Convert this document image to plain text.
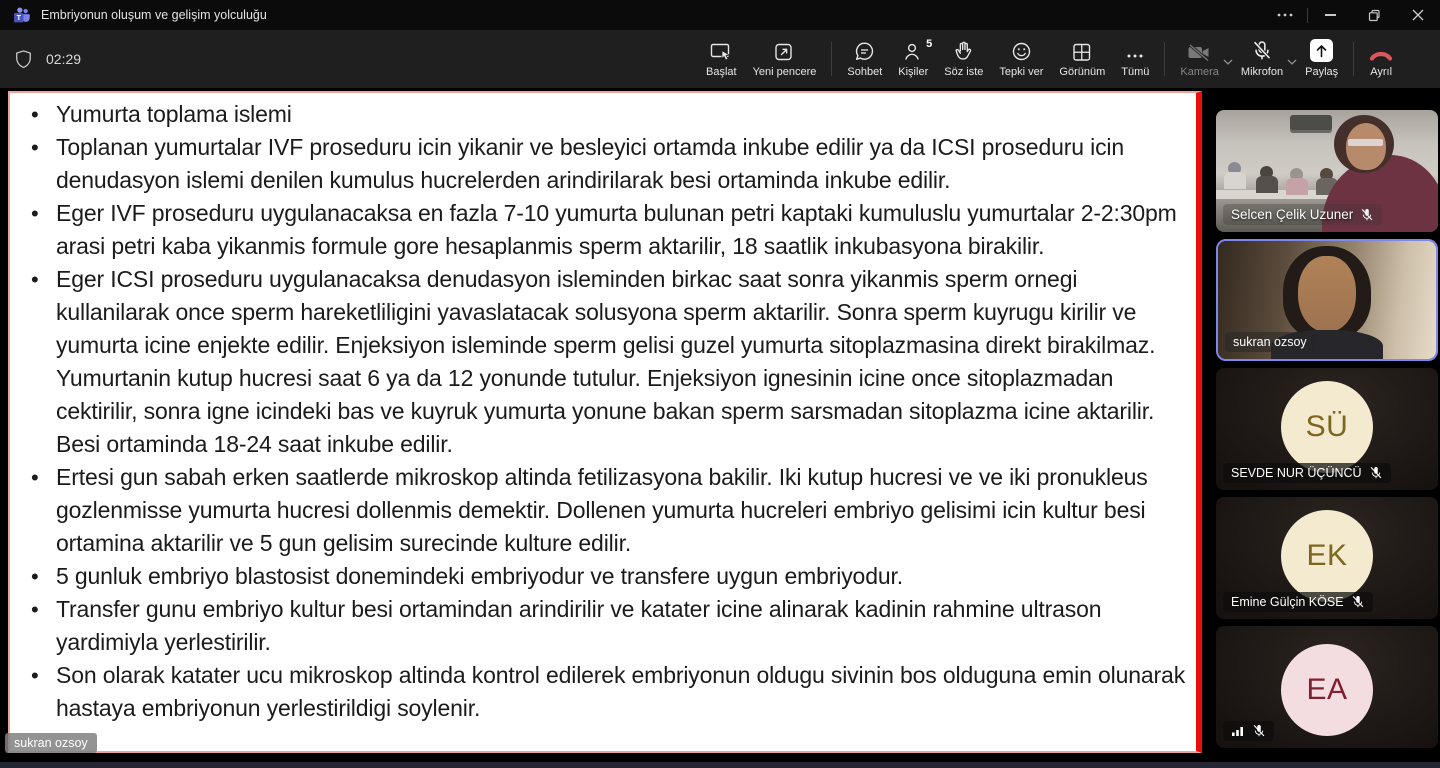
T Embriyonun oluşum ve gelişim yolculuğu
02:29
Başlat Yeni pencere	Sohbet
5
Kişiler Söz iste Tepki ver Görünüm Tümü	Kamera Mikrofon Paylaş	Ayrıl
• Yumurta toplama islemi
• Toplanan yumurtalar IVF proseduru icin yikanir ve besleyici ortamda inkube edilir ya da ICSI proseduru icin denudasyon islemi denilen kumulus hucrelerden arindirilarak besi ortaminda inkube edilir.
• Eger IVF proseduru uygulanacaksa en fazla 7-10 yumurta bulunan petri kaptaki kumuluslu yumurtalar 2-2:30pm arasi petri kaba yikanmis formule gore hesaplanmis sperm aktarilir, 18 saatlik inkubasyona birakilir.
• Eger ICSI proseduru uygulanacaksa denudasyon isleminden birkac saat sonra yikanmis sperm ornegi kullanilarak once sperm hareketliligini yavaslatacak solusyona sperm aktarilir. Sonra sperm kuyrugu kirilir ve yumurta icine enjekte edilir. Enjeksiyon isleminde sperm gelisi guzel yumurta sitoplazmasina direkt birakilmaz. Yumurtanin kutup hucresi saat 6 ya da 12 yonunde tutulur. Enjeksiyon ignesinin icine once sitoplazmadan cektirilir, sonra igne icindeki bas ve kuyruk yumurta yonune bakan sperm sarsmadan sitoplazma icine aktarilir. Besi ortaminda 18-24 saat inkube edilir.
• Ertesi gun sabah erken saatlerde mikroskop altinda fetilizasyona bakilir. Iki kutup hucresi ve ve iki pronukleus gozlenmisse yumurta hucresi dollenmis demektir. Dollenen yumurta hucreleri embriyo gelisimi icin kultur besi ortamina aktarilir ve 5 gun gelisim surecinde kulture edilir.
• 5 gunluk embriyo blastosist donemindeki embriyodur ve transfere uygun embriyodur.
• Transfer gunu embriyo kultur besi ortamindan arindirilir ve katater icine alinarak kadinin rahmine ultrason yardimiyla yerlestirilir.
• Son olarak katater ucu mikroskop altinda kontrol edilerek embriyonun oldugu sivinin bos olduguna emin olunarak hastaya embriyonun yerlestirildigi soylenir.
sukran ozsoy
Selcen Çelik Uzuner
sukran ozsoy
SÜ
SEVDE NUR ÜÇÜNCÜ
EK
Emine Gülçin KÖSE
EA
